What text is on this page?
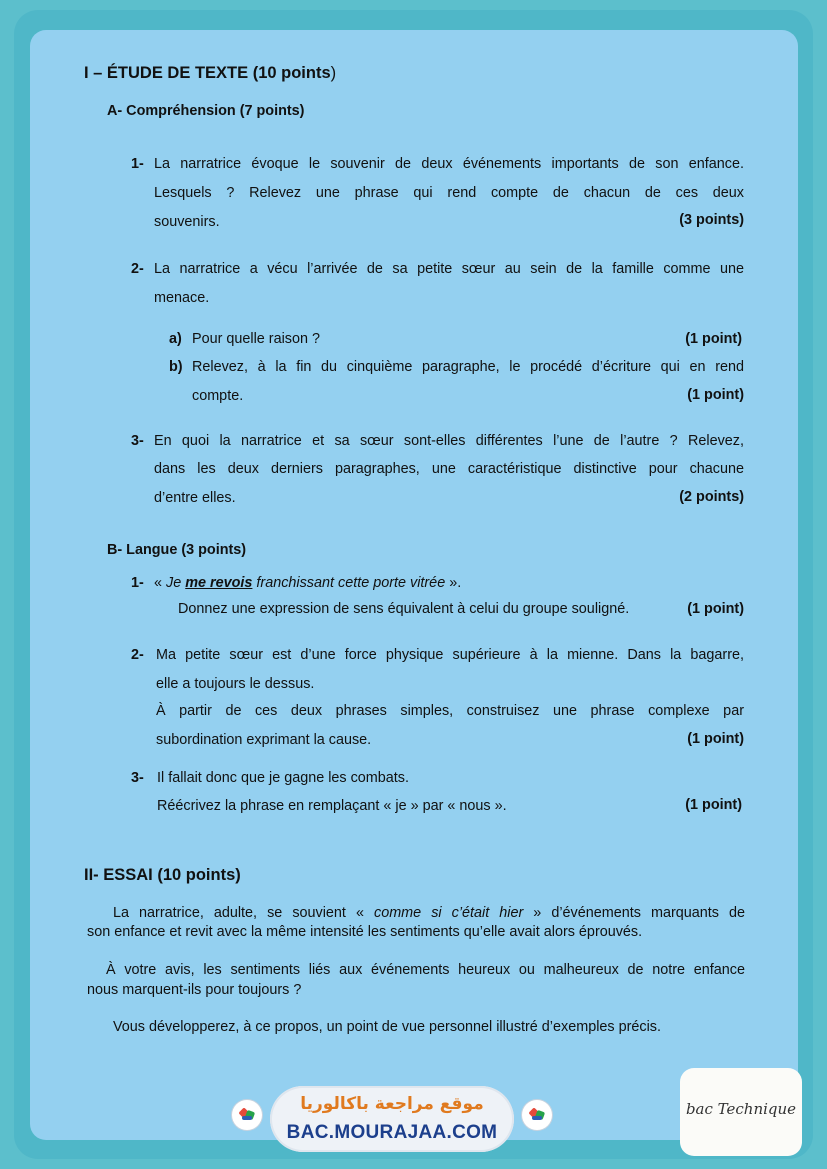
I – ÉTUDE DE TEXTE (10 points)
A- Compréhension (7 points)
1- La narratrice évoque le souvenir de deux événements importants de son enfance.
Lesquels ? Relevez une phrase qui rend compte de chacun de ces deux
souvenirs.	(3 points)
2- La narratrice a vécu l’arrivée de sa petite sœur au sein de la famille comme une
menace.
a) Pour quelle raison ?	(1 point)
b) Relevez, à la fin du cinquième paragraphe, le procédé d’écriture qui en rend
compte.	(1 point)
3- En quoi la narratrice et sa sœur sont-elles différentes l’une de l’autre ? Relevez,
dans les deux derniers paragraphes, une caractéristique distinctive pour chacune
d’entre elles.	(2 points)
B- Langue (3 points)
1- « Je me revois franchissant cette porte vitrée ».
Donnez une expression de sens équivalent à celui du groupe souligné.	(1 point)
2- Ma petite sœur est d’une force physique supérieure à la mienne. Dans la bagarre,
elle a toujours le dessus.
À partir de ces deux phrases simples, construisez une phrase complexe par
subordination exprimant la cause.	(1 point)
3- Il fallait donc que je gagne les combats.
Réécrivez la phrase en remplaçant « je » par « nous ».	(1 point)
II- ESSAI (10 points)
La narratrice, adulte, se souvient « comme si c’était hier » d’événements marquants de
son enfance et revit avec la même intensité les sentiments qu’elle avait alors éprouvés.
À votre avis, les sentiments liés aux événements heureux ou malheureux de notre enfance
nous marquent-ils pour toujours ?
Vous développerez, à ce propos, un point de vue personnel illustré d’exemples précis.
موقع مراجعة باكالوريا
BAC.MOURAJAA.COM
bac Technique
